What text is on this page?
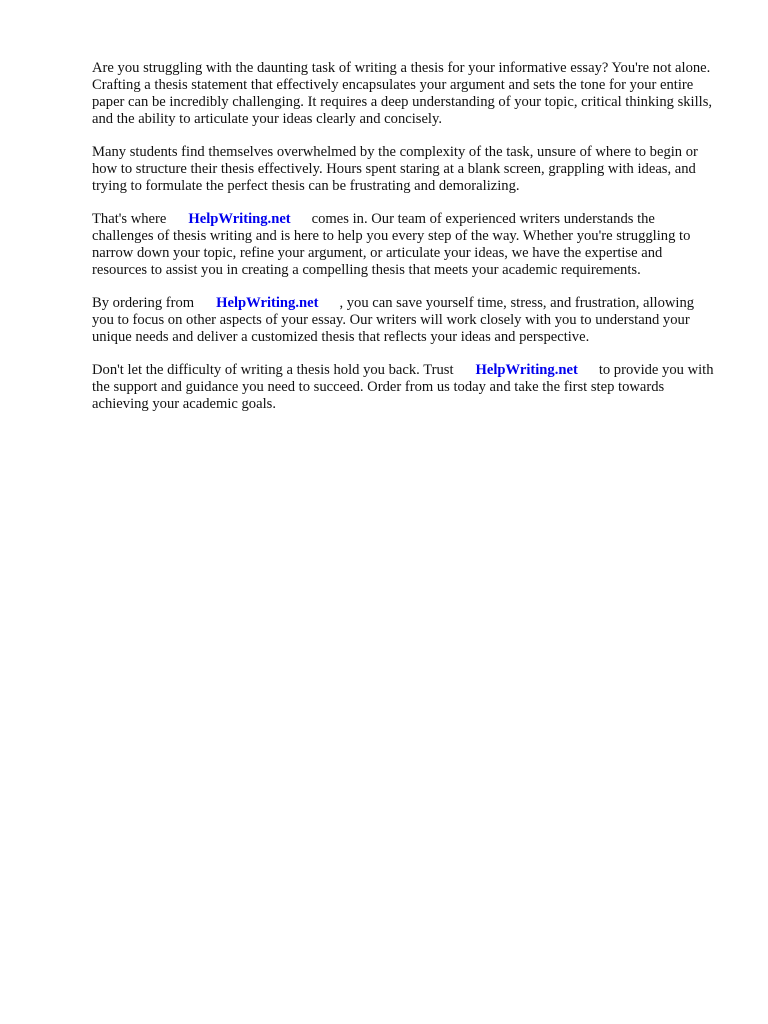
Are you struggling with the daunting task of writing a thesis for your informative essay? You're not alone. Crafting a thesis statement that effectively encapsulates your argument and sets the tone for your entire paper can be incredibly challenging. It requires a deep understanding of your topic, critical thinking skills, and the ability to articulate your ideas clearly and concisely.

Many students find themselves overwhelmed by the complexity of the task, unsure of where to begin or how to structure their thesis effectively. Hours spent staring at a blank screen, grappling with ideas, and trying to formulate the perfect thesis can be frustrating and demoralizing.

That's where HelpWriting.net comes in. Our team of experienced writers understands the challenges of thesis writing and is here to help you every step of the way. Whether you're struggling to narrow down your topic, refine your argument, or articulate your ideas, we have the expertise and resources to assist you in creating a compelling thesis that meets your academic requirements.

By ordering from HelpWriting.net , you can save yourself time, stress, and frustration, allowing you to focus on other aspects of your essay. Our writers will work closely with you to understand your unique needs and deliver a customized thesis that reflects your ideas and perspective.

Don't let the difficulty of writing a thesis hold you back. Trust HelpWriting.net to provide you with the support and guidance you need to succeed. Order from us today and take the first step towards achieving your academic goals.
